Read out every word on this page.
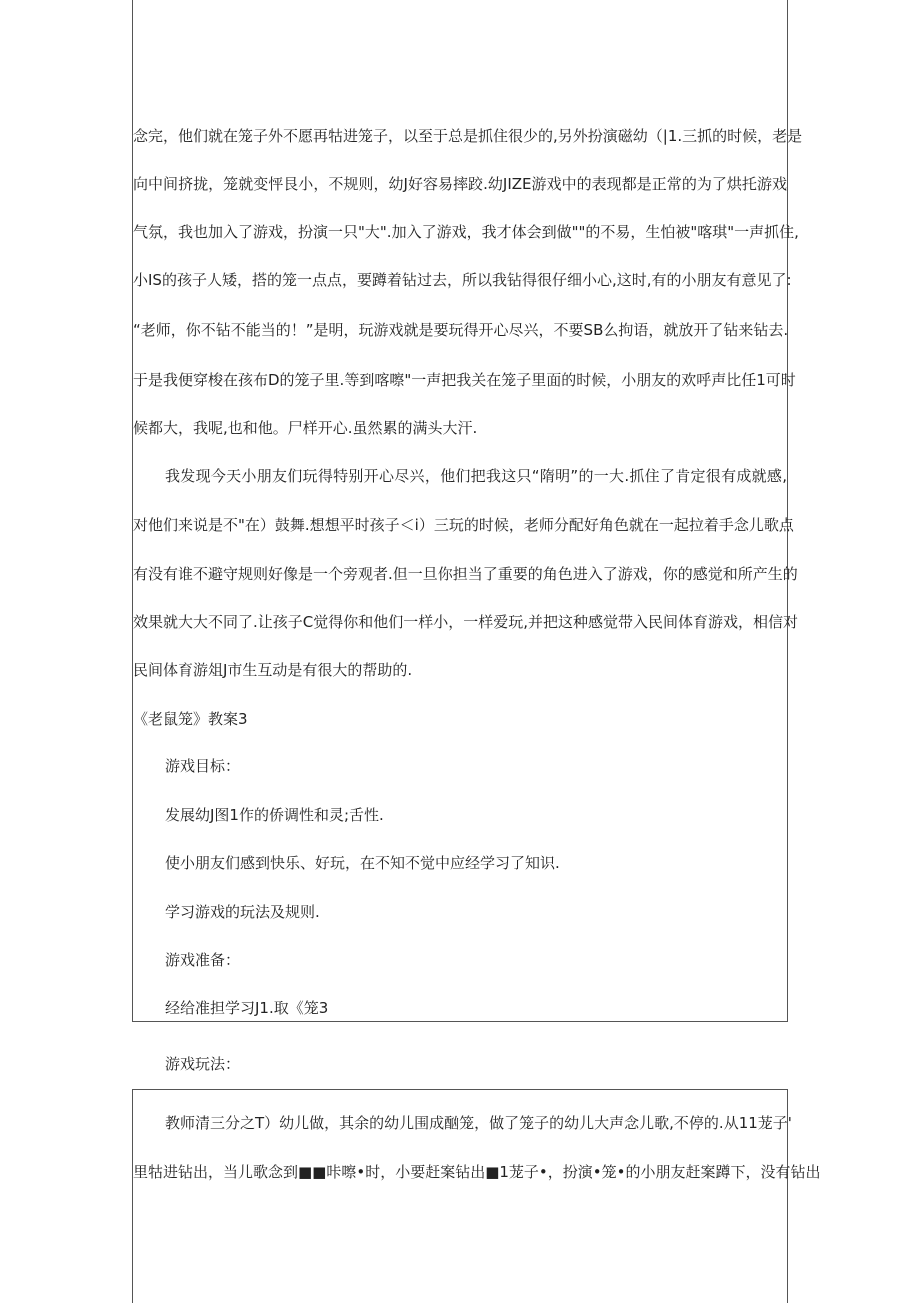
念完，他们就在笼子外不愿再牯进笼子，以至于总是抓住很少的,另外扮演磁幼（|1.三抓的时候，老是
向中间挤拢，笼就变怦艮小，不规则，幼J好容易摔跤.幼JIZE游戏中的表现都是正常的为了烘托游戏
气氛，我也加入了游戏，扮演一只"大".加入了游戏，我才体会到做""的不易，生怕被"喀琪"一声抓住,
小IS的孩子人矮，搭的笼一点点，要蹲着钻过去，所以我钻得很仔细小心,这时,有的小朋友有意见了:
“老师，你不钻不能当的！”是明，玩游戏就是要玩得开心尽兴，不要SB么拘语，就放开了钻来钻去.
于是我便穿梭在孩布D的笼子里.等到喀嚓"一声把我关在笼子里面的时候，小朋友的欢呼声比任1可时
候都大，我呢,也和他。尸样开心.虽然累的满头大汗.
我发现今天小朋友们玩得特别开心尽兴，他们把我这只“隋明”的一大.抓住了肯定很有成就感,
对他们来说是不"在）鼓舞.想想平时孩子＜i）三玩的时候，老师分配好角色就在一起拉着手念儿歌点
有没有谁不避守规则好像是一个旁观者.但一旦你担当了重要的角色进入了游戏，你的感觉和所产生的
效果就大大不同了.让孩子C觉得你和他们一样小，一样爱玩,并把这种感觉带入民间体育游戏，相信对
民间体育游俎J市生互动是有很大的帮助的.
《老鼠笼》教案3
游戏目标：
发展幼J图1作的侨调性和灵;舌性.
使小朋友们感到快乐、好玩，在不知不觉中应经学习了知识.
学习游戏的玩法及规则.
游戏准备：
经给准担学习J1.取《笼3
游戏玩法：
教师清三分之T）幼儿做，其余的幼儿围成酗笼，做了笼子的幼儿大声念儿歌,不停的.从11茏子'
里牯进钻出，当儿歌念到■■咔嚓•时，小要赶案钻出■1茏子•，扮演•笼•的小朋友赶案蹲下，没有钻出
